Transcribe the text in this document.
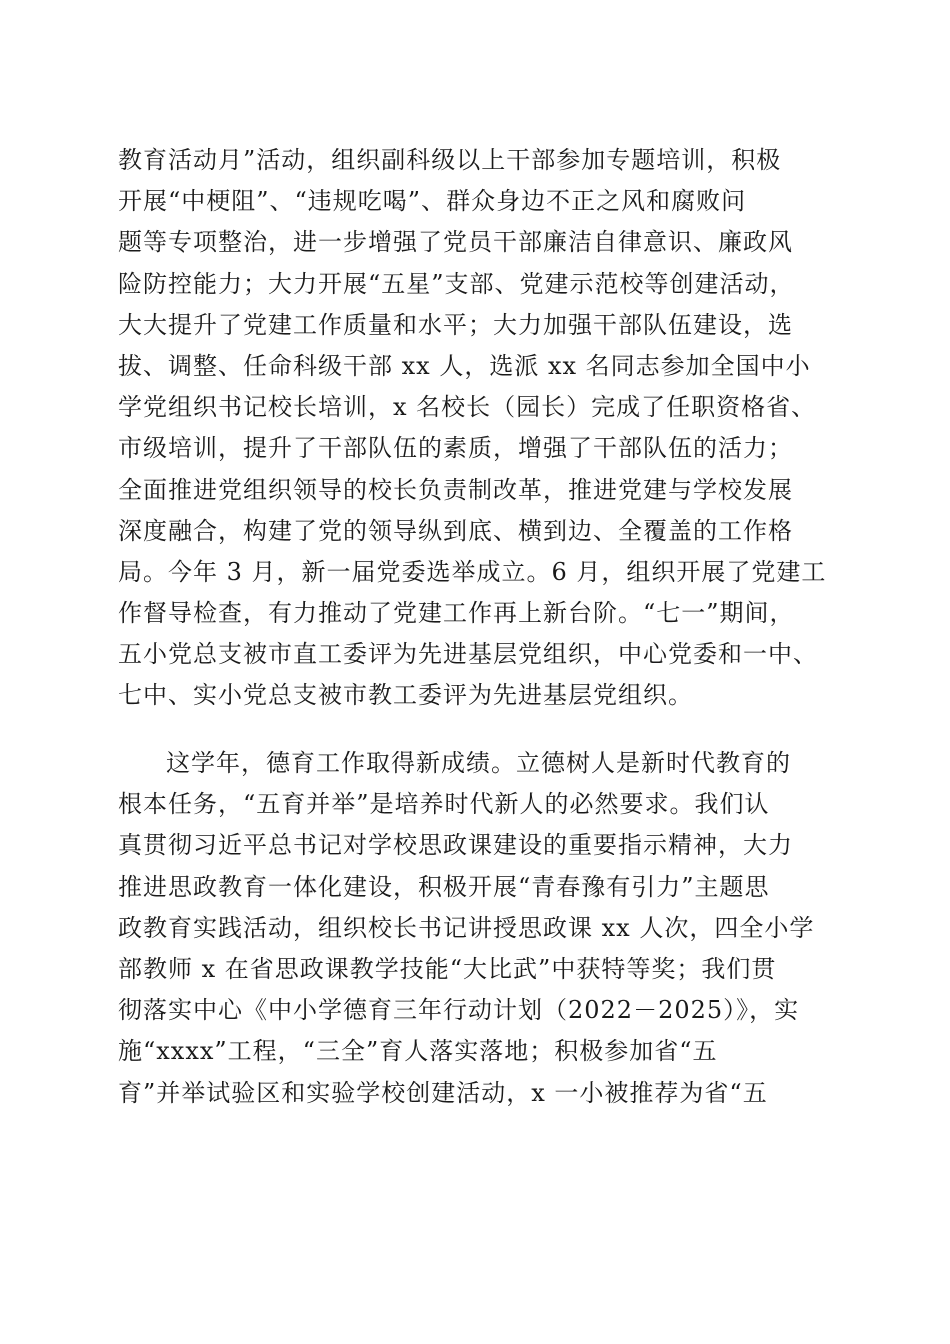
教育活动月”活动，组织副科级以上干部参加专题培训，积极
开展“中梗阻”、“违规吃喝”、群众身边不正之风和腐败问
题等专项整治，进一步增强了党员干部廉洁自律意识、廉政风
险防控能力；大力开展“五星”支部、党建示范校等创建活动，
大大提升了党建工作质量和水平；大力加强干部队伍建设，选
拔、调整、任命科级干部 xx 人，选派 xx 名同志参加全国中小
学党组织书记校长培训，x 名校长（园长）完成了任职资格省、
市级培训，提升了干部队伍的素质，增强了干部队伍的活力；
全面推进党组织领导的校长负责制改革，推进党建与学校发展
深度融合，构建了党的领导纵到底、横到边、全覆盖的工作格
局。今年 3 月，新一届党委选举成立。6 月，组织开展了党建工
作督导检查，有力推动了党建工作再上新台阶。“七一”期间，
五小党总支被市直工委评为先进基层党组织，中心党委和一中、
七中、实小党总支被市教工委评为先进基层党组织。
这学年，德育工作取得新成绩。立德树人是新时代教育的
根本任务，“五育并举”是培养时代新人的必然要求。我们认
真贯彻习近平总书记对学校思政课建设的重要指示精神，大力
推进思政教育一体化建设，积极开展“青春豫有引力”主题思
政教育实践活动，组织校长书记讲授思政课 xx 人次，四全小学
部教师 x 在省思政课教学技能“大比武”中获特等奖；我们贯
彻落实中心《中小学德育三年行动计划（2022－2025）》，实
施“xxxx”工程，“三全”育人落实落地；积极参加省“五
育”并举试验区和实验学校创建活动，x 一小被推荐为省“五
